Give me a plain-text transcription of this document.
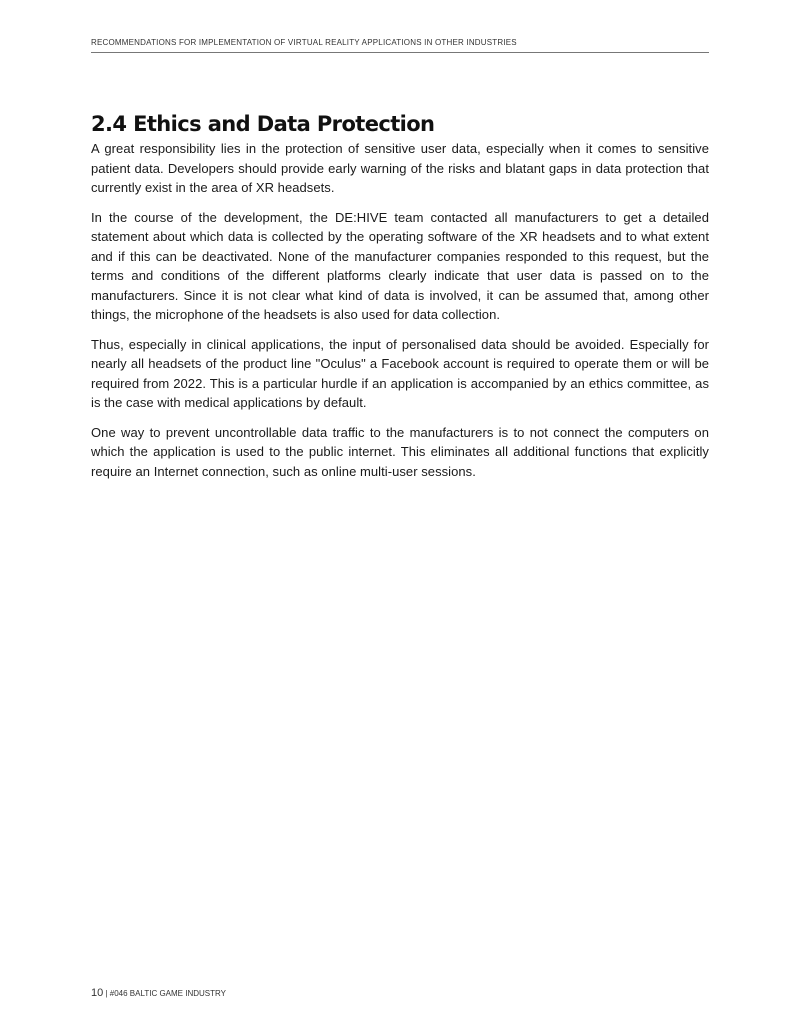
RECOMMENDATIONS FOR IMPLEMENTATION OF VIRTUAL REALITY APPLICATIONS IN OTHER INDUSTRIES
2.4 Ethics and Data Protection

A great responsibility lies in the protection of sensitive user data, especially when it comes to sensitive patient data. Developers should provide early warning of the risks and blatant gaps in data protection that currently exist in the area of XR headsets.

In the course of the development, the DE:HIVE team contacted all manufacturers to get a detailed statement about which data is collected by the operating software of the XR headsets and to what extent and if this can be deactivated. None of the manufacturer companies responded to this request, but the terms and conditions of the different platforms clearly indicate that user data is passed on to the manufacturers. Since it is not clear what kind of data is involved, it can be assumed that, among other things, the microphone of the headsets is also used for data collection.

Thus, especially in clinical applications, the input of personalised data should be avoided. Especially for nearly all headsets of the product line "Oculus" a Facebook account is required to operate them or will be required from 2022. This is a particular hurdle if an application is accompanied by an ethics committee, as is the case with medical applications by default.

One way to prevent uncontrollable data traffic to the manufacturers is to not connect the computers on which the application is used to the public internet. This eliminates all additional functions that explicitly require an Internet connection, such as online multi-user sessions.

10 | #046 BALTIC GAME INDUSTRY
